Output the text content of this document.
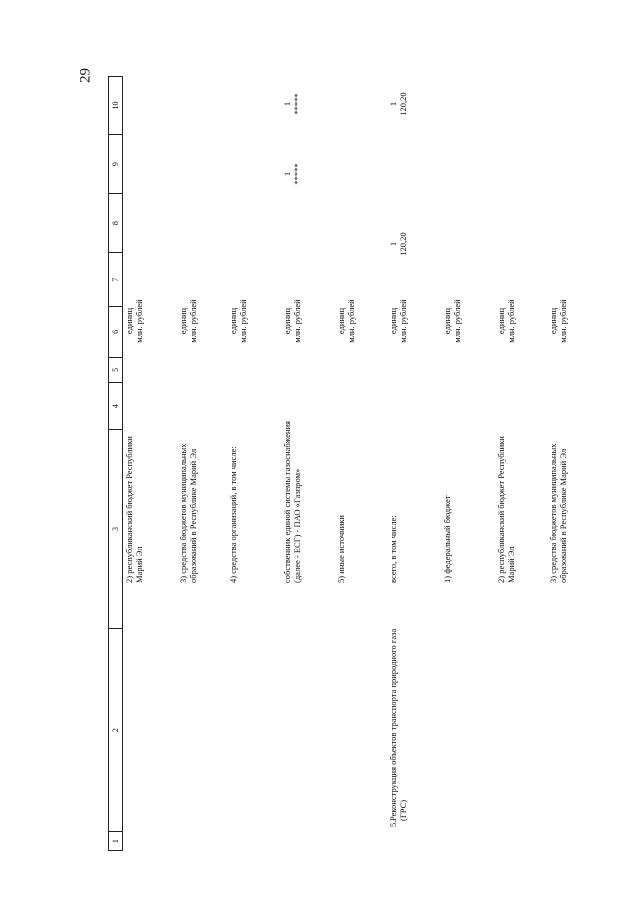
29
1
2
3
4
5
6
7
8
9
10
2) республиканский бюджет Республики Марий Эл
единиц
млн. рублей
3) средства бюджетов муниципальных образований в Республике Марий Эл
единиц
млн. рублей
4) средства организаций, в том числе:
единиц
млн. рублей
собственник единой системы газоснабжения (далее - ЕСГ) - ПАО «Газпром»
единиц
млн. рублей
1
*****
1
*****
5) иные источники
единиц
млн. рублей
5.
Реконструкция объектов транспорта природного газа (ГРС)
всего, в том числе:
единиц
млн. рублей
1
120,20
1
120,20
1) федеральный бюджет
единиц
млн. рублей
2) республиканский бюджет Республики Марий Эл
единиц
млн. рублей
3) средства бюджетов муниципальных образований в Республике Марий Эл
единиц
млн. рублей
